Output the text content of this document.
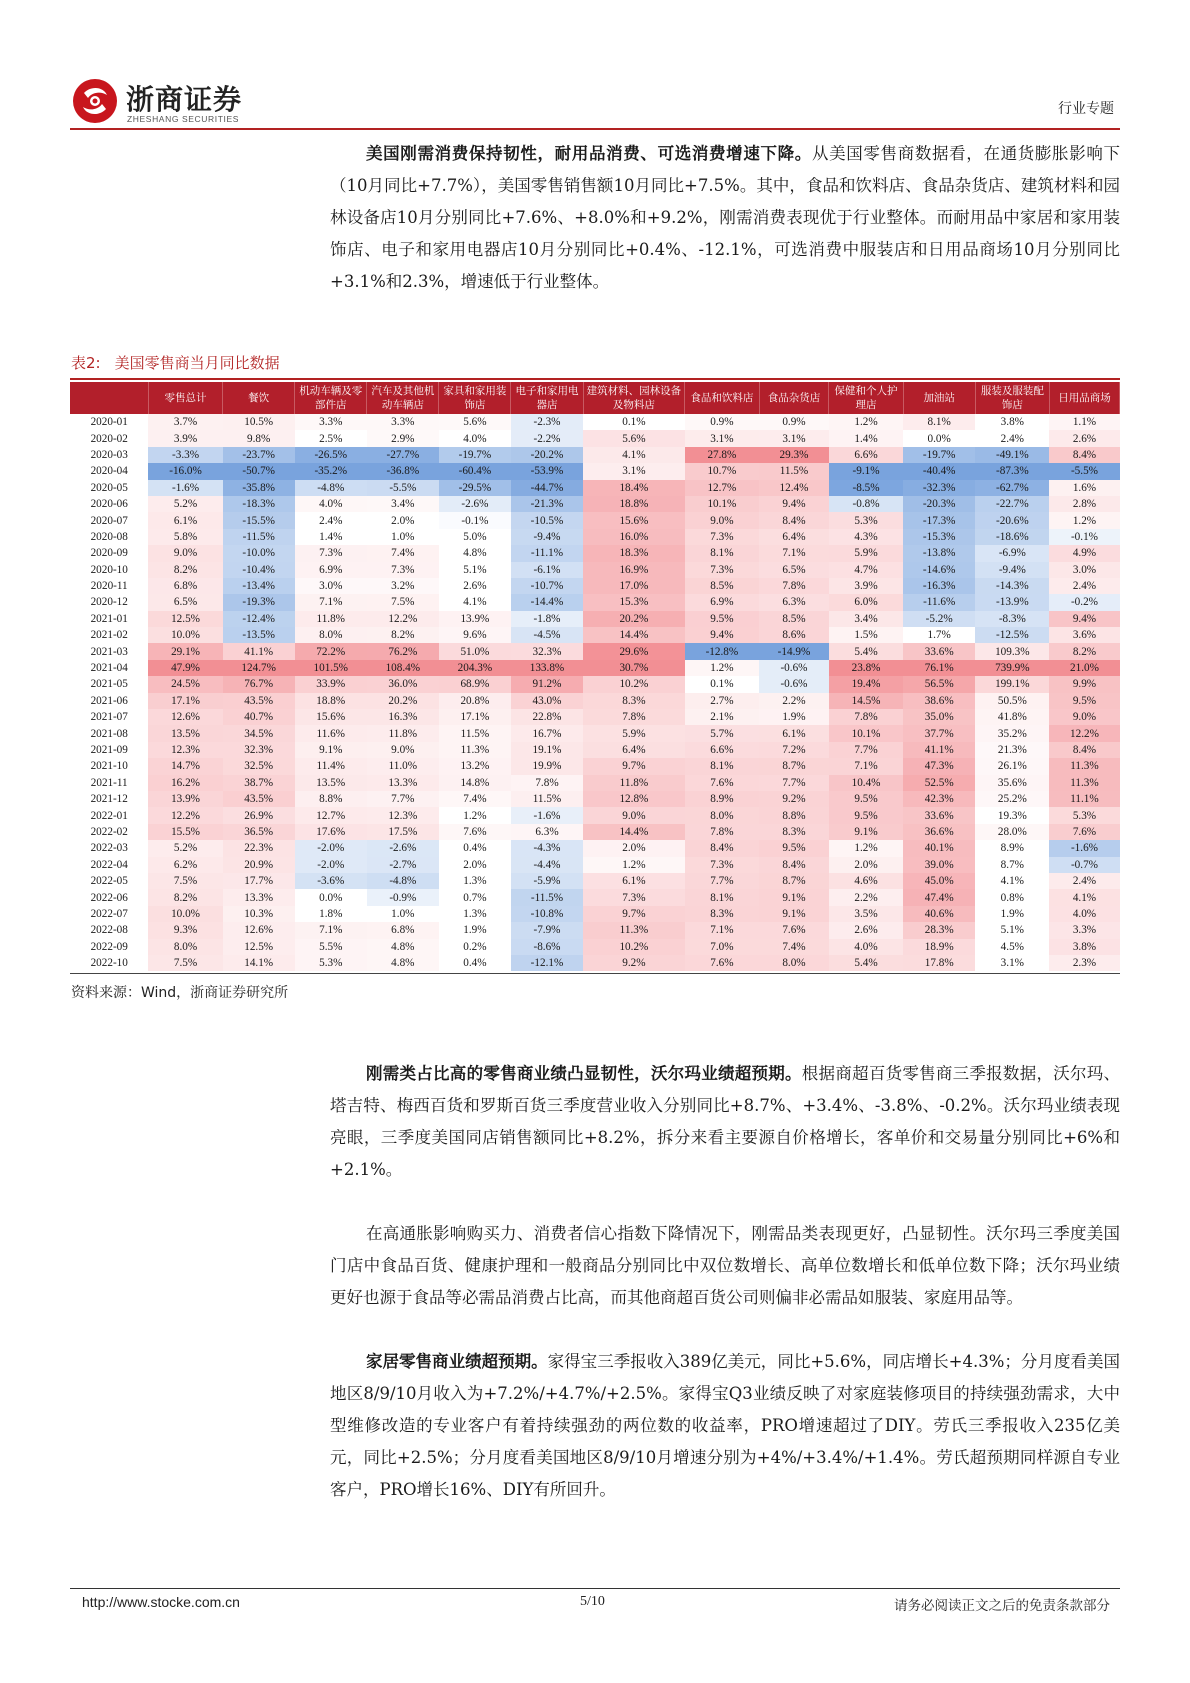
浙商证券
ZHESHANG SECURITIES
行业专题
美国刚需消费保持韧性，耐用品消费、可选消费增速下降。从美国零售商数据看，在通货膨胀影响下（10月同比+7.7%），美国零售销售额10月同比+7.5%。其中，食品和饮料店、食品杂货店、建筑材料和园林设备店10月分别同比+7.6%、+8.0%和+9.2%，刚需消费表现优于行业整体。而耐用品中家居和家用装饰店、电子和家用电器店10月分别同比+0.4%、-12.1%，可选消费中服装店和日用品商场10月分别同比+3.1%和2.3%，增速低于行业整体。
表2: 美国零售商当月同比数据
	零售总计	餐饮	机动车辆及零部件店	汽车及其他机动车辆店	家具和家用装饰店	电子和家用电器店	建筑材料、园林设备及物料店	食品和饮料店	食品杂货店	保健和个人护理店	加油站	服装及服装配饰店	日用品商场
2020-01	3.7%	10.5%	3.3%	3.3%	5.6%	-2.3%	0.1%	0.9%	0.9%	1.2%	8.1%	3.8%	1.1%
2020-02	3.9%	9.8%	2.5%	2.9%	4.0%	-2.2%	5.6%	3.1%	3.1%	1.4%	0.0%	2.4%	2.6%
2020-03	-3.3%	-23.7%	-26.5%	-27.7%	-19.7%	-20.2%	4.1%	27.8%	29.3%	6.6%	-19.7%	-49.1%	8.4%
2020-04	-16.0%	-50.7%	-35.2%	-36.8%	-60.4%	-53.9%	3.1%	10.7%	11.5%	-9.1%	-40.4%	-87.3%	-5.5%
2020-05	-1.6%	-35.8%	-4.8%	-5.5%	-29.5%	-44.7%	18.4%	12.7%	12.4%	-8.5%	-32.3%	-62.7%	1.6%
2020-06	5.2%	-18.3%	4.0%	3.4%	-2.6%	-21.3%	18.8%	10.1%	9.4%	-0.8%	-20.3%	-22.7%	2.8%
2020-07	6.1%	-15.5%	2.4%	2.0%	-0.1%	-10.5%	15.6%	9.0%	8.4%	5.3%	-17.3%	-20.6%	1.2%
2020-08	5.8%	-11.5%	1.4%	1.0%	5.0%	-9.4%	16.0%	7.3%	6.4%	4.3%	-15.3%	-18.6%	-0.1%
2020-09	9.0%	-10.0%	7.3%	7.4%	4.8%	-11.1%	18.3%	8.1%	7.1%	5.9%	-13.8%	-6.9%	4.9%
2020-10	8.2%	-10.4%	6.9%	7.3%	5.1%	-6.1%	16.9%	7.3%	6.5%	4.7%	-14.6%	-9.4%	3.0%
2020-11	6.8%	-13.4%	3.0%	3.2%	2.6%	-10.7%	17.0%	8.5%	7.8%	3.9%	-16.3%	-14.3%	2.4%
2020-12	6.5%	-19.3%	7.1%	7.5%	4.1%	-14.4%	15.3%	6.9%	6.3%	6.0%	-11.6%	-13.9%	-0.2%
2021-01	12.5%	-12.4%	11.8%	12.2%	13.9%	-1.8%	20.2%	9.5%	8.5%	3.4%	-5.2%	-8.3%	9.4%
2021-02	10.0%	-13.5%	8.0%	8.2%	9.6%	-4.5%	14.4%	9.4%	8.6%	1.5%	1.7%	-12.5%	3.6%
2021-03	29.1%	41.1%	72.2%	76.2%	51.0%	32.3%	29.6%	-12.8%	-14.9%	5.4%	33.6%	109.3%	8.2%
2021-04	47.9%	124.7%	101.5%	108.4%	204.3%	133.8%	30.7%	1.2%	-0.6%	23.8%	76.1%	739.9%	21.0%
2021-05	24.5%	76.7%	33.9%	36.0%	68.9%	91.2%	10.2%	0.1%	-0.6%	19.4%	56.5%	199.1%	9.9%
2021-06	17.1%	43.5%	18.8%	20.2%	20.8%	43.0%	8.3%	2.7%	2.2%	14.5%	38.6%	50.5%	9.5%
2021-07	12.6%	40.7%	15.6%	16.3%	17.1%	22.8%	7.8%	2.1%	1.9%	7.8%	35.0%	41.8%	9.0%
2021-08	13.5%	34.5%	11.6%	11.8%	11.5%	16.7%	5.9%	5.7%	6.1%	10.1%	37.7%	35.2%	12.2%
2021-09	12.3%	32.3%	9.1%	9.0%	11.3%	19.1%	6.4%	6.6%	7.2%	7.7%	41.1%	21.3%	8.4%
2021-10	14.7%	32.5%	11.4%	11.0%	13.2%	19.9%	9.7%	8.1%	8.7%	7.1%	47.3%	26.1%	11.3%
2021-11	16.2%	38.7%	13.5%	13.3%	14.8%	7.8%	11.8%	7.6%	7.7%	10.4%	52.5%	35.6%	11.3%
2021-12	13.9%	43.5%	8.8%	7.7%	7.4%	11.5%	12.8%	8.9%	9.2%	9.5%	42.3%	25.2%	11.1%
2022-01	12.2%	26.9%	12.7%	12.3%	1.2%	-1.6%	9.0%	8.0%	8.8%	9.5%	33.6%	19.3%	5.3%
2022-02	15.5%	36.5%	17.6%	17.5%	7.6%	6.3%	14.4%	7.8%	8.3%	9.1%	36.6%	28.0%	7.6%
2022-03	5.2%	22.3%	-2.0%	-2.6%	0.4%	-4.3%	2.0%	8.4%	9.5%	1.2%	40.1%	8.9%	-1.6%
2022-04	6.2%	20.9%	-2.0%	-2.7%	2.0%	-4.4%	1.2%	7.3%	8.4%	2.0%	39.0%	8.7%	-0.7%
2022-05	7.5%	17.7%	-3.6%	-4.8%	1.3%	-5.9%	6.1%	7.7%	8.7%	4.6%	45.0%	4.1%	2.4%
2022-06	8.2%	13.3%	0.0%	-0.9%	0.7%	-11.5%	7.3%	8.1%	9.1%	2.2%	47.4%	0.8%	4.1%
2022-07	10.0%	10.3%	1.8%	1.0%	1.3%	-10.8%	9.7%	8.3%	9.1%	3.5%	40.6%	1.9%	4.0%
2022-08	9.3%	12.6%	7.1%	6.8%	1.9%	-7.9%	11.3%	7.1%	7.6%	2.6%	28.3%	5.1%	3.3%
2022-09	8.0%	12.5%	5.5%	4.8%	0.2%	-8.6%	10.2%	7.0%	7.4%	4.0%	18.9%	4.5%	3.8%
2022-10	7.5%	14.1%	5.3%	4.8%	0.4%	-12.1%	9.2%	7.6%	8.0%	5.4%	17.8%	3.1%	2.3%
资料来源：Wind，浙商证券研究所
刚需类占比高的零售商业绩凸显韧性，沃尔玛业绩超预期。根据商超百货零售商三季报数据，沃尔玛、塔吉特、梅西百货和罗斯百货三季度营业收入分别同比+8.7%、+3.4%、-3.8%、-0.2%。沃尔玛业绩表现亮眼，三季度美国同店销售额同比+8.2%，拆分来看主要源自价格增长，客单价和交易量分别同比+6%和+2.1%。
在高通胀影响购买力、消费者信心指数下降情况下，刚需品类表现更好，凸显韧性。沃尔玛三季度美国门店中食品百货、健康护理和一般商品分别同比中双位数增长、高单位数增长和低单位数下降；沃尔玛业绩更好也源于食品等必需品消费占比高，而其他商超百货公司则偏非必需品如服装、家庭用品等。
家居零售商业绩超预期。家得宝三季报收入389亿美元，同比+5.6%，同店增长+4.3%；分月度看美国地区8/9/10月收入为+7.2%/+4.7%/+2.5%。家得宝Q3业绩反映了对家庭装修项目的持续强劲需求，大中型维修改造的专业客户有着持续强劲的两位数的收益率，PRO增速超过了DIY。劳氏三季报收入235亿美元，同比+2.5%；分月度看美国地区8/9/10月增速分别为+4%/+3.4%/+1.4%。劳氏超预期同样源自专业客户，PRO增长16%、DIY有所回升。
http://www.stocke.com.cn	5/10	请务必阅读正文之后的免责条款部分
